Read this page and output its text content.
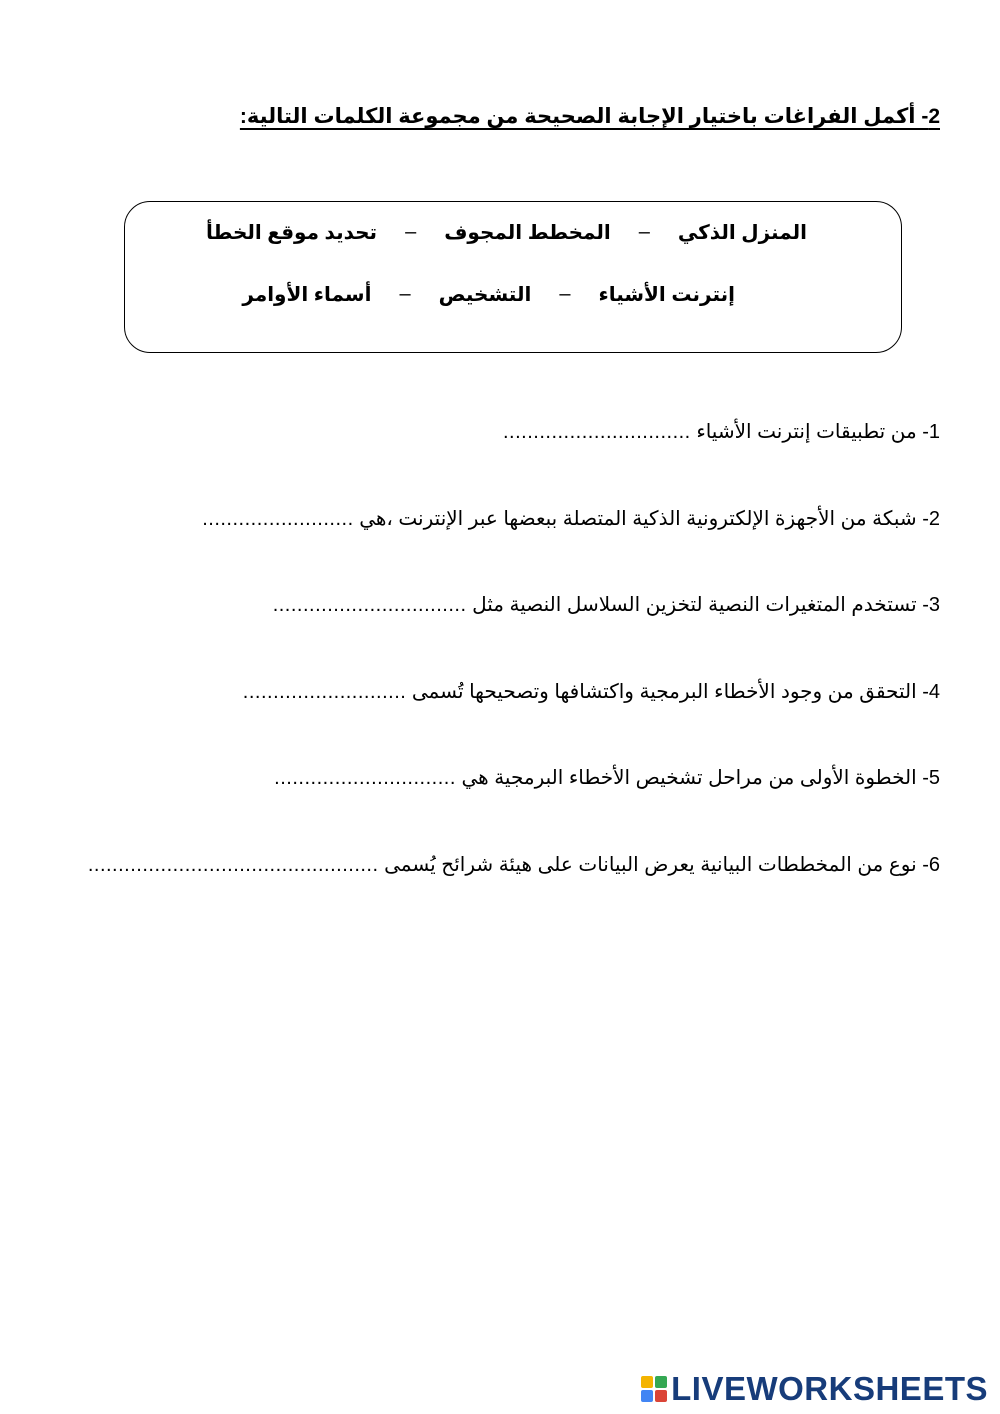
2- أكمل الفراغات باختيار الإجابة الصحيحة من مجموعة الكلمات التالية:
المنزل الذكي
–
المخطط المجوف
–
تحديد موقع الخطأ
إنترنت الأشياء
–
التشخيص
–
أسماء الأوامر
1- من تطبيقات إنترنت الأشياء ...............................
2- شبكة من الأجهزة الإلكترونية الذكية المتصلة ببعضها عبر الإنترنت ،هي .........................
3- تستخدم المتغيرات النصية لتخزين السلاسل النصية مثل ................................
4- التحقق من وجود الأخطاء البرمجية واكتشافها وتصحيحها تُسمى ...........................
5- الخطوة الأولى من مراحل تشخيص الأخطاء البرمجية هي ..............................
6- نوع من المخططات البيانية يعرض البيانات على هيئة شرائح يُسمى ................................................
LIVEWORKSHEETS
